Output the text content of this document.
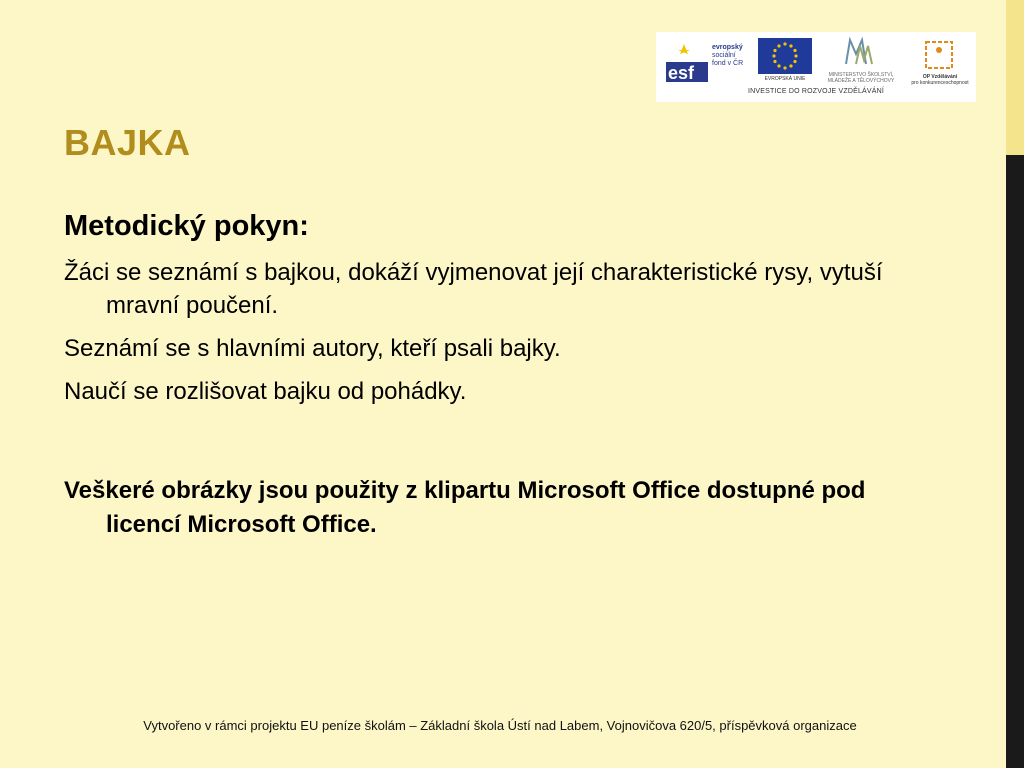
esf
evropský
sociální
fond v ČR
EVROPSKÁ UNIE
MINISTERSTVO ŠKOLSTVÍ,
MLÁDEŽE A TĚLOVÝCHOVY
OP Vzdělávání
pro konkurenceschopnost
INVESTICE DO ROZVOJE VZDĚLÁVÁNÍ
BAJKA

Metodický pokyn:

Žáci se seznámí s bajkou, dokáží vyjmenovat její charakteristické rysy, vytuší mravní poučení.

Seznámí se s hlavními autory, kteří psali bajky.

Naučí se rozlišovat bajku od pohádky.

Veškeré obrázky jsou použity z klipartu Microsoft Office dostupné pod licencí Microsoft Office.

Vytvořeno v rámci projektu EU peníze školám – Základní škola Ústí nad Labem, Vojnovičova 620/5, příspěvková organizace
